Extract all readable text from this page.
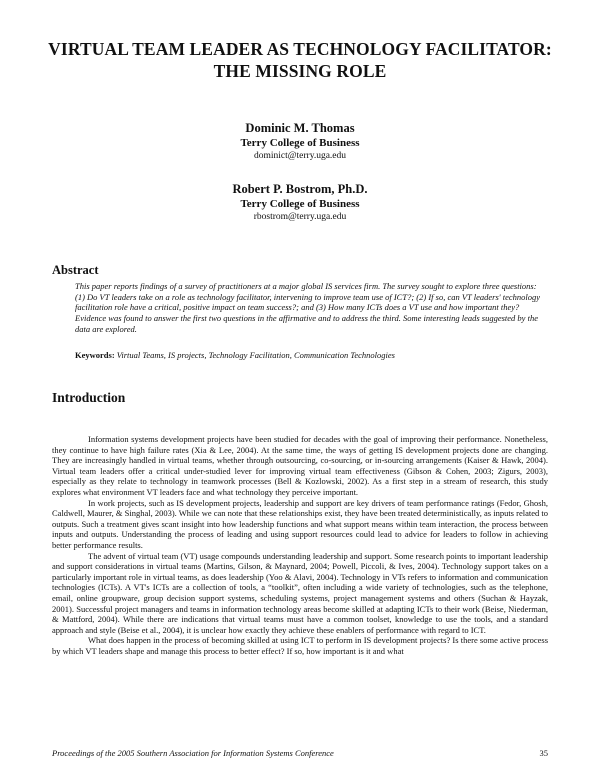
VIRTUAL TEAM LEADER AS TECHNOLOGY FACILITATOR:
THE MISSING ROLE
Dominic M. Thomas
Terry College of Business
dominict@terry.uga.edu
Robert P. Bostrom, Ph.D.
Terry College of Business
rbostrom@terry.uga.edu
Abstract
This paper reports findings of a survey of practitioners at a major global IS services firm. The survey sought to explore three questions: (1) Do VT leaders take on a role as technology facilitator, intervening to improve team use of ICT?; (2) If so, can VT leaders' technology facilitation role have a critical, positive impact on team success?; and (3) How many ICTs does a VT use and how important they? Evidence was found to answer the first two questions in the affirmative and to address the third. Some interesting leads suggested by the data are explored.
Keywords: Virtual Teams, IS projects, Technology Facilitation, Communication Technologies
Introduction

Information systems development projects have been studied for decades with the goal of improving their performance. Nonetheless, they continue to have high failure rates (Xia & Lee, 2004). At the same time, the ways of getting IS development projects done are changing. They are increasingly handled in virtual teams, whether through outsourcing, co-sourcing, or in-sourcing arrangements (Kaiser & Hawk, 2004). Virtual team leaders offer a critical under-studied lever for improving virtual team effectiveness (Gibson & Cohen, 2003; Zigurs, 2003), especially as they relate to technology in teamwork processes (Bell & Kozlowski, 2002). As a first step in a stream of research, this study explores what environment VT leaders face and what technology they perceive important.

In work projects, such as IS development projects, leadership and support are key drivers of team performance ratings (Fedor, Ghosh, Caldwell, Maurer, & Singhal, 2003). While we can note that these relationships exist, they have been treated deterministically, as inputs related to outputs. Such a treatment gives scant insight into how leadership functions and what support means within team interaction, the process between inputs and outputs. Understanding the process of leading and using support resources could lead to advice for leaders to follow in achieving better performance results.

The advent of virtual team (VT) usage compounds understanding leadership and support. Some research points to important leadership and support considerations in virtual teams (Martins, Gilson, & Maynard, 2004; Powell, Piccoli, & Ives, 2004). Technology support takes on a particularly important role in virtual teams, as does leadership (Yoo & Alavi, 2004). Technology in VTs refers to information and communication technologies (ICTs). A VT's ICTs are a collection of tools, a “toolkit”, often including a wide variety of technologies, such as the telephone, email, online groupware, group decision support systems, scheduling systems, project management systems and others (Suchan & Hayzak, 2001). Successful project managers and teams in information technology areas become skilled at adapting ICTs to their work (Beise, Niederman, & Mattford, 2004). While there are indications that virtual teams must have a common toolset, knowledge to use the tools, and a standard approach and style (Beise et al., 2004), it is unclear how exactly they achieve these enablers of performance with regard to ICT.

What does happen in the process of becoming skilled at using ICT to perform in IS development projects? Is there some active process by which VT leaders shape and manage this process to better effect? If so, how important is it and what

Proceedings of the 2005 Southern Association for Information Systems Conference	35
